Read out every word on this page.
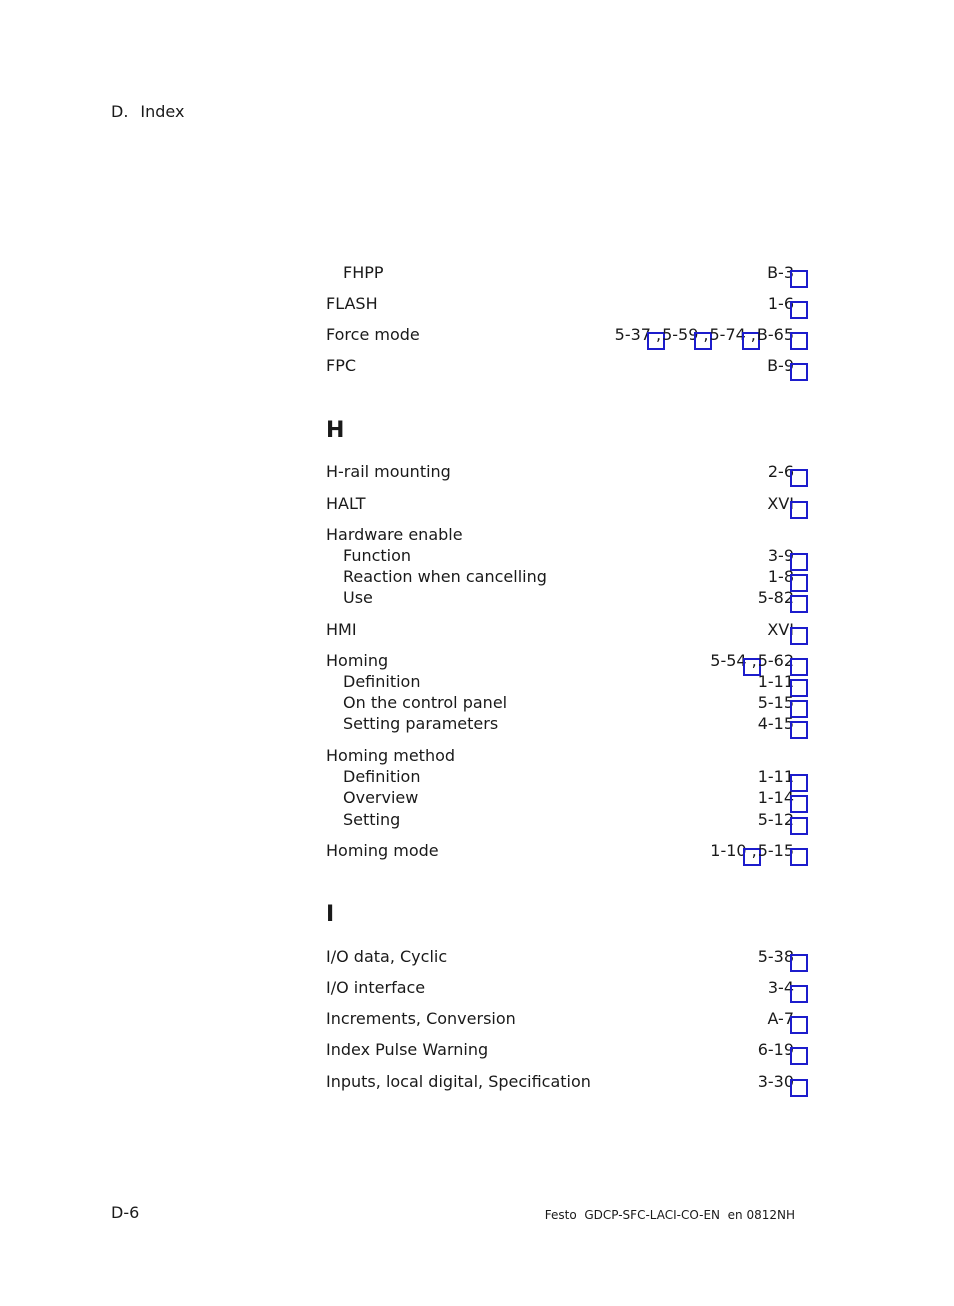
D. Index
D-6	Festo  GDCP-SFC-LACI-CO-EN  en 0812NH
FHPP	B-3
FLASH	1-6
Force mode	5-37 ,5-59 ,5-74 ,B-65
FPC	B-9
H
H-rail mounting	2-6
HALT	XVI
Hardware enable
Function	3-9
Reaction when cancelling	1-8
Use	5-82
HMI	XVI
Homing	5-54 ,5-62
Definition	1-11
On the control panel	5-15
Setting parameters	4-15
Homing method
Definition	1-11
Overview	1-14
Setting	5-12
Homing mode	1-10 ,5-15
I
I/O data, Cyclic	5-38
I/O interface	3-4
Increments, Conversion	A-7
Index Pulse Warning	6-19
Inputs, local digital, Specification	3-30
